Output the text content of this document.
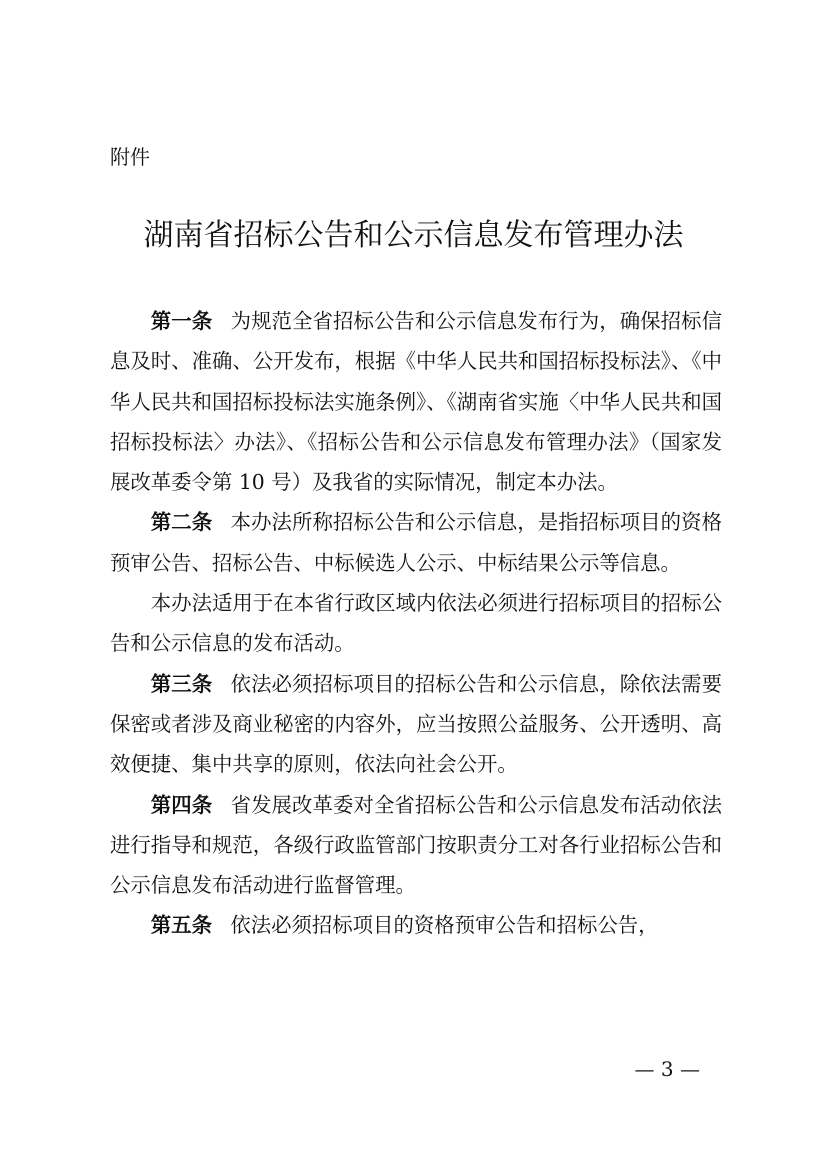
附件
湖南省招标公告和公示信息发布管理办法

第一条 为规范全省招标公告和公示信息发布行为，确保招标信息及时、准确、公开发布，根据《中华人民共和国招标投标法》、《中华人民共和国招标投标法实施条例》、《湖南省实施〈中华人民共和国招标投标法〉办法》、《招标公告和公示信息发布管理办法》（国家发展改革委令第 10 号）及我省的实际情况，制定本办法。

第二条 本办法所称招标公告和公示信息，是指招标项目的资格预审公告、招标公告、中标候选人公示、中标结果公示等信息。

本办法适用于在本省行政区域内依法必须进行招标项目的招标公告和公示信息的发布活动。

第三条 依法必须招标项目的招标公告和公示信息，除依法需要保密或者涉及商业秘密的内容外，应当按照公益服务、公开透明、高效便捷、集中共享的原则，依法向社会公开。

第四条 省发展改革委对全省招标公告和公示信息发布活动依法进行指导和规范，各级行政监管部门按职责分工对各行业招标公告和公示信息发布活动进行监督管理。

第五条 依法必须招标项目的资格预审公告和招标公告，

— 3 —
